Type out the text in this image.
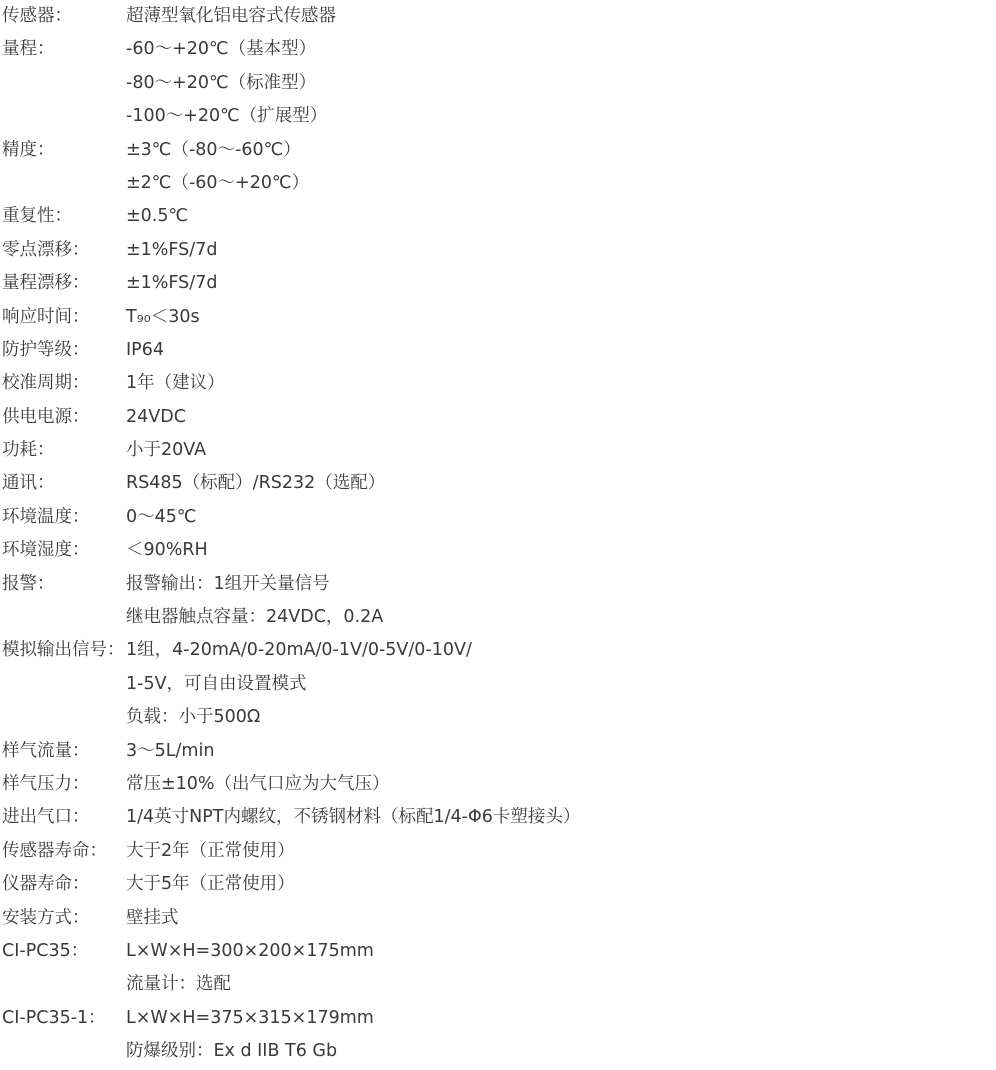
传感器：	超薄型氧化铝电容式传感器
量程：	-60～+20℃（基本型）
-80～+20℃（标准型）
-100～+20℃（扩展型）
精度：	±3℃（-80～-60℃）
±2℃（-60～+20℃）
重复性：	±0.5℃
零点漂移：	±1%FS/7d
量程漂移：	±1%FS/7d
响应时间：	T₉₀＜30s
防护等级：	IP64
校准周期：	1年（建议）
供电电源：	24VDC
功耗：	小于20VA
通讯：	RS485（标配）/RS232（选配）
环境温度：	0～45℃
环境湿度：	＜90%RH
报警：	报警输出：1组开关量信号
继电器触点容量：24VDC，0.2A
模拟输出信号： 1组，4-20mA/0-20mA/0-1V/0-5V/0-10V/
1-5V，可自由设置模式
负载：小于500Ω
样气流量：	3～5L/min
样气压力：	常压±10%（出气口应为大气压）
进出气口：	1/4英寸NPT内螺纹，不锈钢材料（标配1/4-Φ6卡塑接头）
传感器寿命：	大于2年（正常使用）
仪器寿命：	大于5年（正常使用）
安装方式：	壁挂式
CI-PC35：	L×W×H=300×200×175mm
流量计：选配
CI-PC35-1：	L×W×H=375×315×179mm
防爆级别：Ex d IIB T6 Gb
